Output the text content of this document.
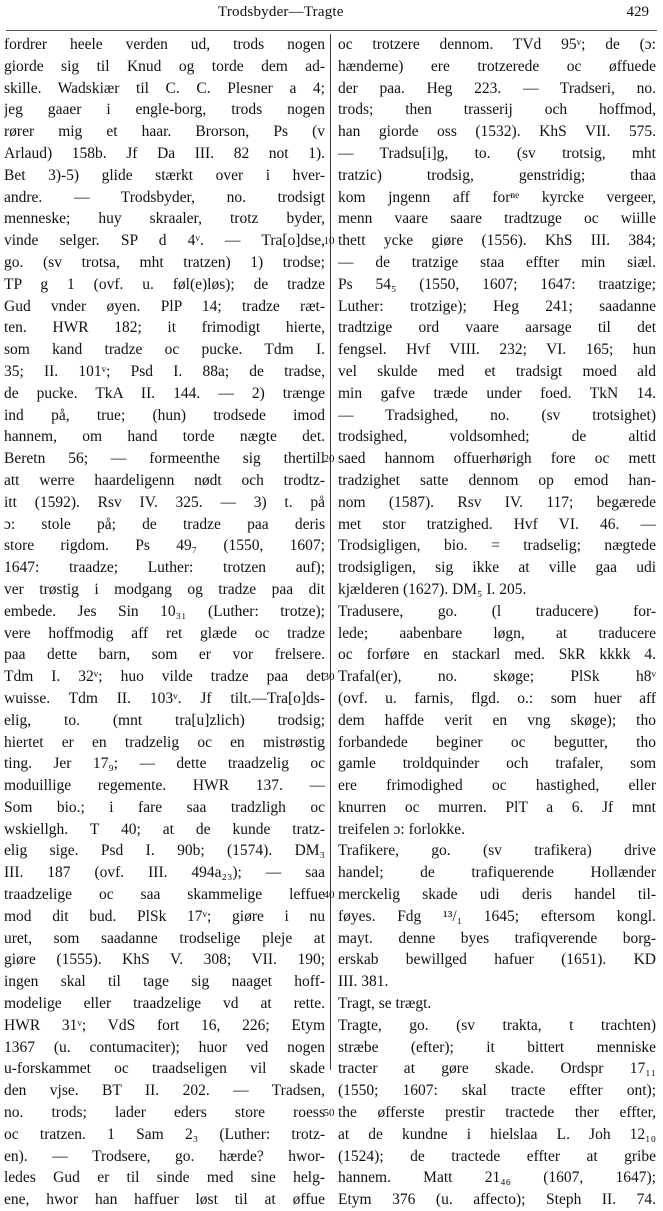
Trodsbyder—Tragte	429
fordrer heele verden ud, trods nogen
giorde sig til Knud og torde dem ad-
skille. Wadskiær til C. C. Plesner a 4;
jeg gaaer i engle-borg, trods nogen
rører mig et haar. Brorson, Ps (v
Arlaud) 158b. Jf Da III. 82 not 1).
Bet 3)-5) glide stærkt over i hver-
andre. — Trodsbyder, no. trodsigt
menneske; huy skraaler, trotz byder,
vinde selger. SP d 4ᵛ. — Tra[o]dse,
go. (sv trotsa, mht tratzen) 1) trodse;
TP g 1 (ovf. u. føl(e)løs); de tradze
Gud vnder øyen. PlP 14; tradze ræt-
ten. HWR 182; it frimodigt hierte,
som kand tradze oc pucke. Tdm I.
35; II. 101ᵛ; Psd I. 88a; de tradse,
de pucke. TkA II. 144. — 2) trænge
ind på, true; (hun) trodsede imod
hannem, om hand torde nægte det.
Beretn 56; — formeenthe sig thertill
att werre haardeligenn nødt och trodtz-
itt (1592). Rsv IV. 325. — 3) t. på
ɔ: stole på; de tradze paa deris
store rigdom. Ps 49₇ (1550, 1607;
1647: traadze; Luther: trotzen auf);
ver trøstig i modgang og tradze paa dit
embede. Jes Sin 10₃₁ (Luther: trotze);
vere hoffmodig aff ret glæde oc tradze
paa dette barn, som er vor frelsere.
Tdm I. 32ᵛ; huo vilde tradze paa det
wuisse. Tdm II. 103ᵛ. Jf tilt.—Tra[o]ds-
elig, to. (mnt tra[u]zlich) trodsig;
hiertet er en tradzelig oc en mistrøstig
ting. Jer 17₉; — dette traadzelig oc
moduillige regemente. HWR 137. —
Som bio.; i fare saa tradzligh oc
wskiellgh. T 40; at de kunde tratz-
elig sige. Psd I. 90b; (1574). DM₃
III. 187 (ovf. III. 494a₂₃); — saa
traadzelige oc saa skammelige leffue
mod dit bud. PlSk 17ᵛ; giøre i nu
uret, som saadanne trodselige pleje at
giøre (1555). KhS V. 308; VII. 190;
ingen skal til tage sig naaget hoff-
modelige eller traadzelige vd at rette.
HWR 31ᵛ; VdS fort 16, 226; Etym
1367 (u. contumaciter); huor ved nogen
u-forskammet oc traadseligen vil skade
den vjse. BT II. 202. — Tradsen,
no. trods; lader eders store roess
oc tratzen. 1 Sam 2₃ (Luther: trotz-
en). — Trodsere, go. hærde? hwor-
ledes Gud er til sinde med sine helg-
ene, hwor han haffuer løst til at øffue
10
20
30
40
50
oc trotzere dennom. TVd 95ᵛ; de (ɔ:
hænderne) ere trotzerede oc øffuede
der paa. Heg 223. — Tradseri, no.
trods; then trasserij och hoffmod,
han giorde oss (1532). KhS VII. 575.
— Tradsu[i]g, to. (sv trotsig, mht
tratzic) trodsig, genstridig; thaa
kom jngenn aff forⁿᵉ kyrcke vergeer,
menn vaare saare tradtzuge oc wiille
thett ycke giøre (1556). KhS III. 384;
— de tratzige staa effter min siæl.
Ps 54₅ (1550, 1607; 1647: traatzige;
Luther: trotzige); Heg 241; saadanne
tradtzige ord vaare aarsage til det
fengsel. Hvf VIII. 232; VI. 165; hun
vel skulde med et tradsigt moed ald
min gafve træde under foed. TkN 14.
— Tradsighed, no. (sv trotsighet)
trodsighed, voldsomhed; de altid
saed hannom offuerhørigh fore oc mett
tradzighet satte dennom op emod han-
nom (1587). Rsv IV. 117; begærede
met stor tratzighed. Hvf VI. 46. —
Trodsigligen, bio. = tradselig; nægtede
trodsigligen, sig ikke at ville gaa udi
kjælderen (1627). DM₅ I. 205.
Tradusere, go. (l traducere) for-
lede; aabenbare løgn, at traducere
oc forføre en stackarl med. SkR kkkk 4.
Trafal(er), no. skøge; PlSk h8ᵛ
(ovf. u. farnis, flgd. o.: som huer aff
dem haffde verit en vng skøge); tho
forbandede beginer oc begutter, tho
gamle troldquinder och trafaler, som
ere frimodighed oc hastighed, eller
knurren oc murren. PlT a 6. Jf mnt
treifelen ɔ: forlokke.
Trafikere, go. (sv trafikera) drive
handel; de trafiquerende Hollænder
merckelig skade udi deris handel til-
føyes. Fdg ¹³/₁ 1645; eftersom kongl.
mayt. denne byes trafiqverende borg-
erskab bewillged hafuer (1651). KD
III. 381.
Tragt, se trægt.
Tragte, go. (sv trakta, t trachten)
stræbe (efter); it bittert menniske
tracter at gøre skade. Ordspr 17₁₁
(1550; 1607: skal tracte effter ont);
the øfferste prestir tractede ther effter,
at de kundne i hielslaa L. Joh 12₁₀
(1524); de tractede effter at gribe
hannem. Matt 21₄₆ (1607, 1647);
Etym 376 (u. affecto); Steph II. 74.
